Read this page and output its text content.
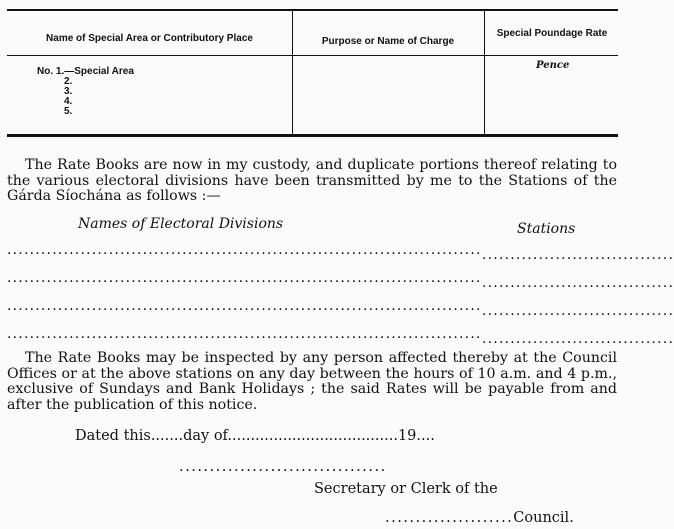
Name of Special Area or Contributory Place	Purpose or Name of Charge
Special Poundage Rate
No. 1.—Special Area
2.
3.
4.
5.
Pence
The Rate Books are now in my custody, and duplicate portions thereof relating to the various electoral divisions have been transmitted by me to the Stations of the Gárda Síochána as follows :—
Names of Electoral Divisions	Stations
.................................................................................... ..................................
.................................................................................... ..................................
.................................................................................... ..................................
.................................................................................... ..................................
The Rate Books may be inspected by any person affected thereby at the Council Offices or at the above stations on any day between the hours of 10 a.m. and 4 p.m., exclusive of Sundays and Bank Holidays ; the said Rates will be payable from and after the publication of this notice.
Dated this.......day of.....................................19....
..................................
Secretary or Clerk of the
.....................Council.
